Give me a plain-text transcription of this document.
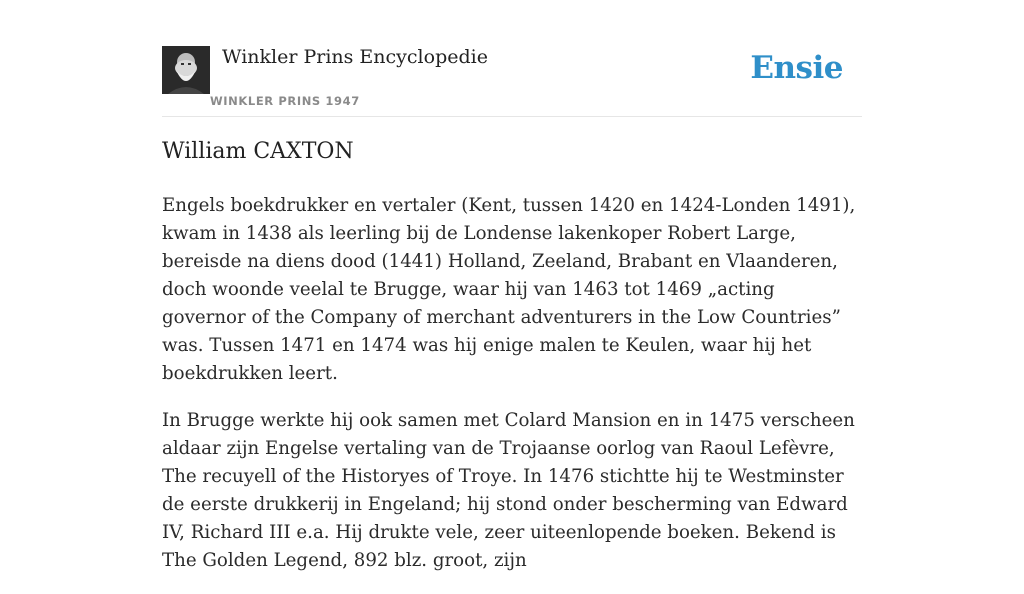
Winkler Prins Encyclopedie
WINKLER PRINS 1947
Ensie
William CAXTON

Engels boekdrukker en vertaler (Kent, tussen 1420 en 1424-Londen 1491), kwam in 1438 als leerling bij de Londense lakenkoper Robert Large, bereisde na diens dood (1441) Holland, Zeeland, Brabant en Vlaanderen, doch woonde veelal te Brugge, waar hij van 1463 tot 1469 „acting governor of the Company of merchant adventurers in the Low Countries” was. Tussen 1471 en 1474 was hij enige malen te Keulen, waar hij het boekdrukken leert.

In Brugge werkte hij ook samen met Colard Mansion en in 1475 verscheen aldaar zijn Engelse vertaling van de Trojaanse oorlog van Raoul Lefèvre, The recuyell of the Historyes of Troye. In 1476 stichtte hij te Westminster de eerste drukkerij in Engeland; hij stond onder bescherming van Edward IV, Richard III e.a. Hij drukte vele, zeer uiteenlopende boeken. Bekend is The Golden Legend, 892 blz. groot, zijn
